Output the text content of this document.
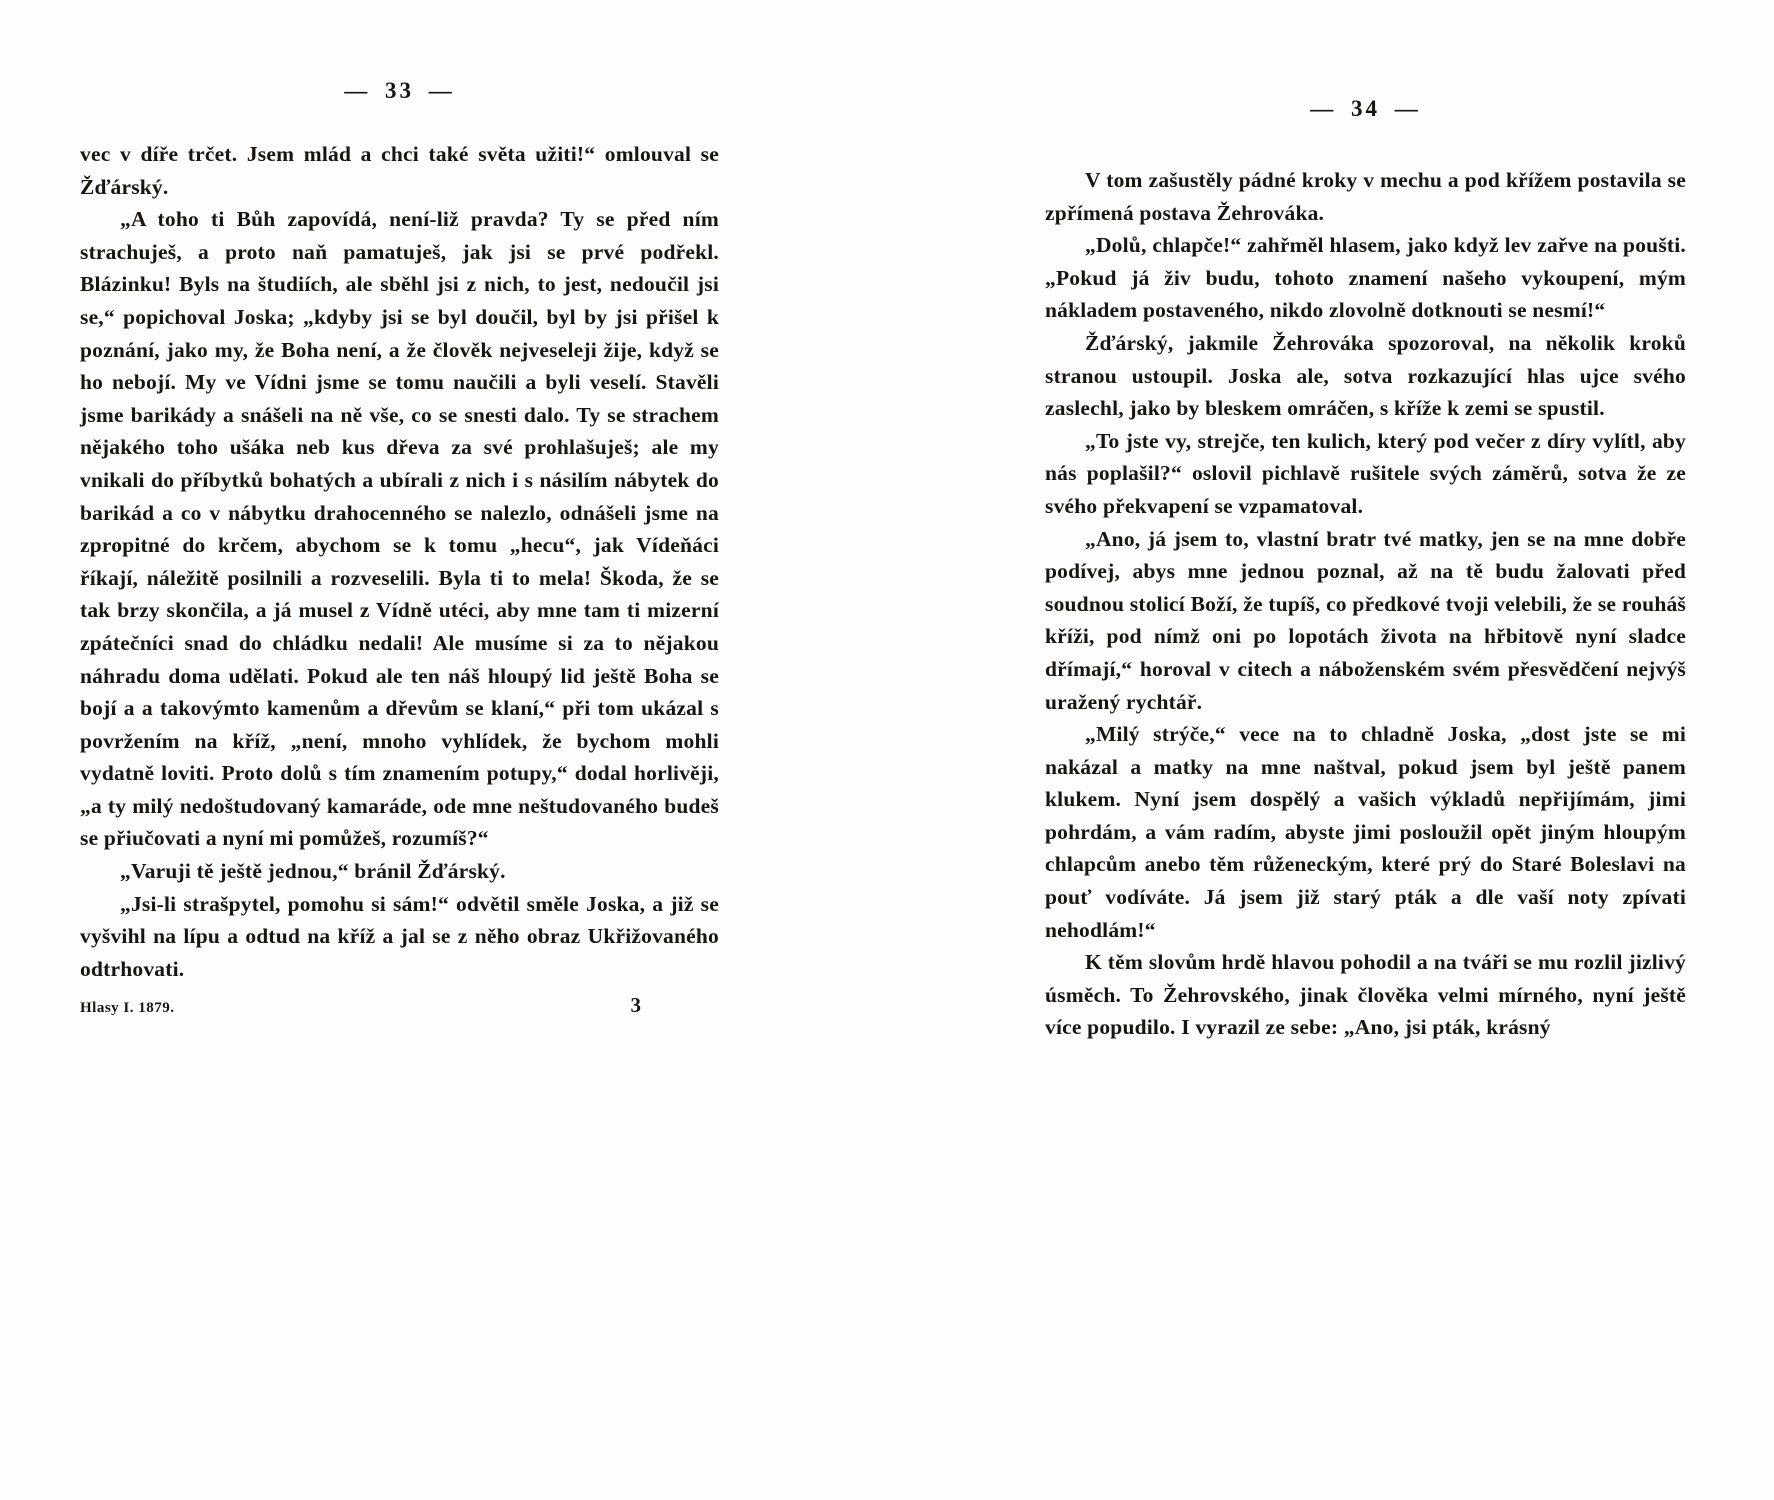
— 33 —

vec v díře trčet. Jsem mlád a chci také světa užiti!“ omlouval se Žďárský.

„A toho ti Bůh zapovídá, není-liž pravda? Ty se před ním strachuješ, a proto naň pamatuješ, jak jsi se prvé podřekl. Blázinku! Byls na študiích, ale sběhl jsi z nich, to jest, nedoučil jsi se,“ popichoval Joska; „kdyby jsi se byl doučil, byl by jsi přišel k poznání, jako my, že Boha není, a že člověk nejveseleji žije, když se ho nebojí. My ve Vídni jsme se tomu naučili a byli veselí. Stavěli jsme barikády a snášeli na ně vše, co se snesti dalo. Ty se strachem nějakého toho ušáka neb kus dřeva za své prohlašuješ; ale my vnikali do příbytků bohatých a ubírali z nich i s násilím nábytek do barikád a co v nábytku drahocenného se nalezlo, odnášeli jsme na zpropitné do krčem, abychom se k tomu „hecu“, jak Vídeňáci říkají, náležitě posilnili a rozveselili. Byla ti to mela! Škoda, že se tak brzy skončila, a já musel z Vídně utéci, aby mne tam ti mizerní zpátečníci snad do chládku nedali! Ale musíme si za to nějakou náhradu doma udělati. Pokud ale ten náš hloupý lid ještě Boha se bojí a a takovýmto kamenům a dřevům se klaní,“ při tom ukázal s povržením na kříž, „není, mnoho vyhlídek, že bychom mohli vydatně loviti. Proto dolů s tím znamením potupy,“ dodal horlivěji, „a ty milý nedoštudovaný kamaráde, ode mne neštudovaného budeš se přiučovati a nyní mi pomůžeš, rozumíš?“

„Varuji tě ještě jednou,“ bránil Žďárský.

„Jsi-li strašpytel, pomohu si sám!“ odvětil směle Joska, a již se vyšvihl na lípu a odtud na kříž a jal se z něho obraz Ukřižovaného odtrhovati.

Hlasy I. 1879.	3
— 34 —

V tom zašustěly pádné kroky v mechu a pod křížem postavila se zpřímená postava Žehrováka.

„Dolů, chlapče!“ zahřměl hlasem, jako když lev zařve na poušti. „Pokud já živ budu, tohoto znamení našeho vykoupení, mým nákladem postaveného, nikdo zlovolně dotknouti se nesmí!“

Žďárský, jakmile Žehrováka spozoroval, na několik kroků stranou ustoupil. Joska ale, sotva rozkazující hlas ujce svého zaslechl, jako by bleskem omráčen, s kříže k zemi se spustil.

„To jste vy, strejče, ten kulich, který pod večer z díry vylítl, aby nás poplašil?“ oslovil pichlavě rušitele svých záměrů, sotva že ze svého překvapení se vzpamatoval.

„Ano, já jsem to, vlastní bratr tvé matky, jen se na mne dobře podívej, abys mne jednou poznal, až na tě budu žalovati před soudnou stolicí Boží, že tupíš, co předkové tvoji velebili, že se rouháš kříži, pod nímž oni po lopotách života na hřbitově nyní sladce dřímají,“ horoval v citech a náboženském svém přesvědčení nejvýš uražený rychtář.

„Milý strýče,“ vece na to chladně Joska, „dost jste se mi nakázal a matky na mne naštval, pokud jsem byl ještě panem klukem. Nyní jsem dospělý a vašich výkladů nepřijímám, jimi pohrdám, a vám radím, abyste jimi posloužil opět jiným hloupým chlapcům anebo těm růženeckým, které prý do Staré Boleslavi na pouť vodíváte. Já jsem již starý pták a dle vaší noty zpívati nehodlám!“

K těm slovům hrdě hlavou pohodil a na tváři se mu rozlil jizlivý úsměch. To Žehrovského, jinak člověka velmi mírného, nyní ještě více popudilo. I vyrazil ze sebe: „Ano, jsi pták, krásný
